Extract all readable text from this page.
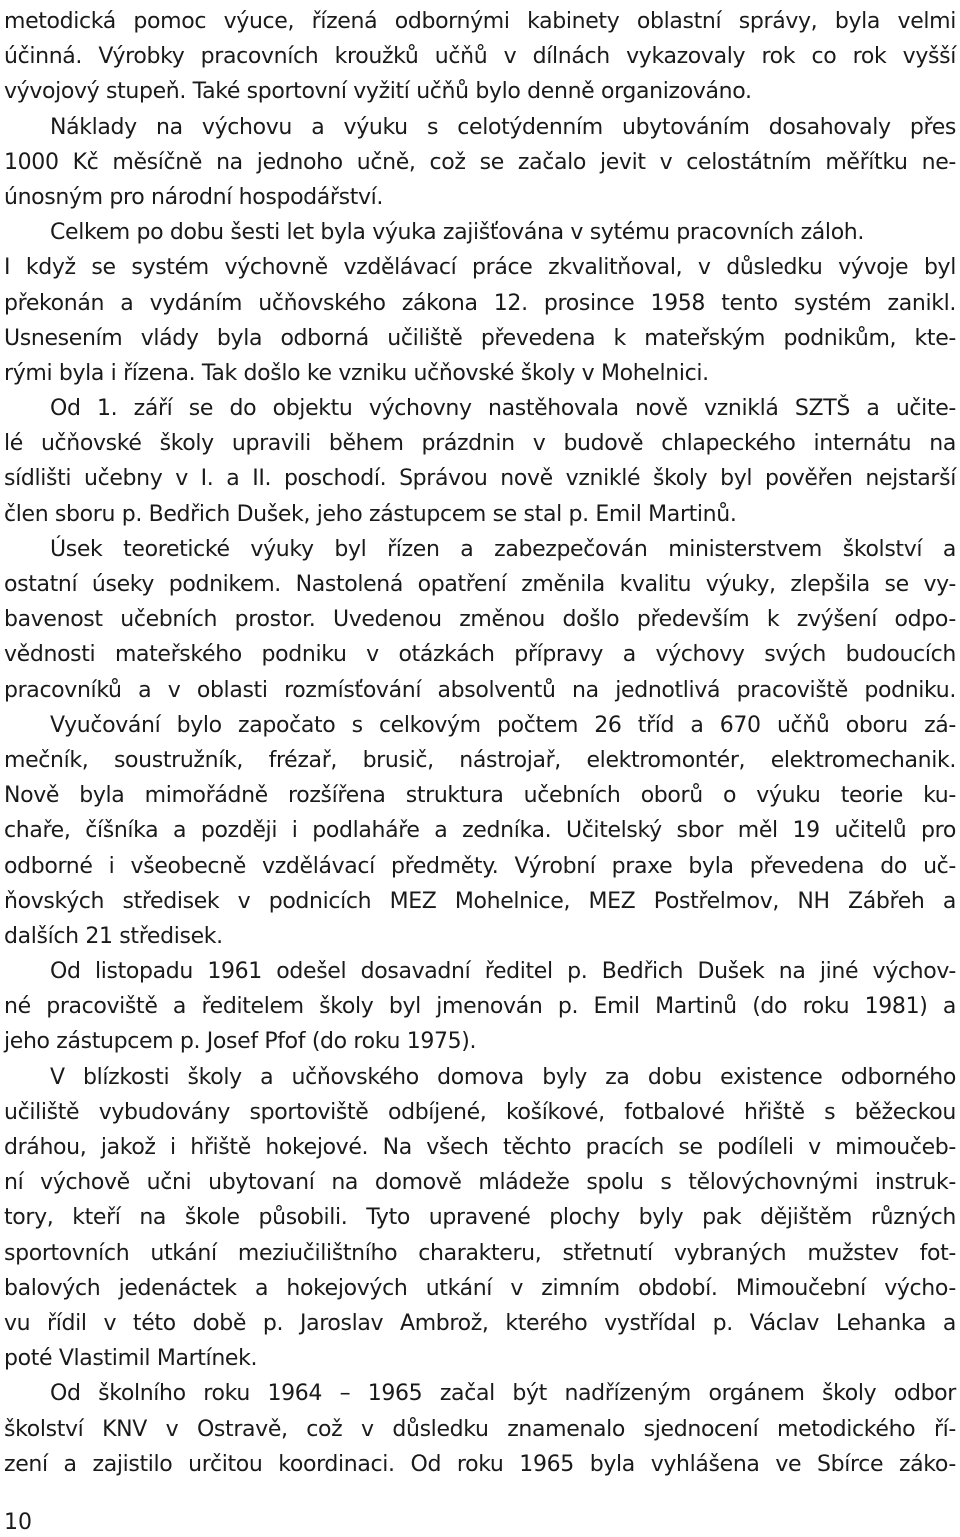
metodická pomoc výuce, řízená odbornými kabinety oblastní správy, byla velmi
účinná. Výrobky pracovních kroužků učňů v dílnách vykazovaly rok co rok vyšší
vývojový stupeň. Také sportovní vyžití učňů bylo denně organizováno.
Náklady na výchovu a výuku s celotýdenním ubytováním dosahovaly přes
1000 Kč měsíčně na jednoho učně, což se začalo jevit v celostátním měřítku ne-
únosným pro národní hospodářství.
Celkem po dobu šesti let byla výuka zajišťována v sytému pracovních záloh.
I když se systém výchovně vzdělávací práce zkvalitňoval, v důsledku vývoje byl
překonán a vydáním učňovského zákona 12. prosince 1958 tento systém zanikl.
Usnesením vlády byla odborná učiliště převedena k mateřským podnikům, kte-
rými byla i řízena. Tak došlo ke vzniku učňovské školy v Mohelnici.
Od 1. září se do objektu výchovny nastěhovala nově vzniklá SZTŠ a učite-
lé učňovské školy upravili během prázdnin v budově chlapeckého internátu na
sídlišti učebny v I. a II. poschodí. Správou nově vzniklé školy byl pověřen nejstarší
člen sboru p. Bedřich Dušek, jeho zástupcem se stal p. Emil Martinů.
Úsek teoretické výuky byl řízen a zabezpečován ministerstvem školství a
ostatní úseky podnikem. Nastolená opatření změnila kvalitu výuky, zlepšila se vy-
bavenost učebních prostor. Uvedenou změnou došlo především k zvýšení odpo-
vědnosti mateřského podniku v otázkách přípravy a výchovy svých budoucích
pracovníků a v oblasti rozmísťování absolventů na jednotlivá pracoviště podniku.
Vyučování bylo započato s celkovým počtem 26 tříd a 670 učňů oboru zá-
mečník, soustružník, frézař, brusič, nástrojař, elektromontér, elektromechanik.
Nově byla mimořádně rozšířena struktura učebních oborů o výuku teorie ku-
chaře, číšníka a později i podlaháře a zedníka. Učitelský sbor měl 19 učitelů pro
odborné i všeobecně vzdělávací předměty. Výrobní praxe byla převedena do uč-
ňovských středisek v podnicích MEZ Mohelnice, MEZ Postřelmov, NH Zábřeh a
dalších 21 středisek.
Od listopadu 1961 odešel dosavadní ředitel p. Bedřich Dušek na jiné výchov-
né pracoviště a ředitelem školy byl jmenován p. Emil Martinů (do roku 1981) a
jeho zástupcem p. Josef Pfof (do roku 1975).
V blízkosti školy a učňovského domova byly za dobu existence odborného
učiliště vybudovány sportoviště odbíjené, košíkové, fotbalové hřiště s běžeckou
dráhou, jakož i hřiště hokejové. Na všech těchto pracích se podíleli v mimoučeb-
ní výchově učni ubytovaní na domově mládeže spolu s tělovýchovnými instruk-
tory, kteří na škole působili. Tyto upravené plochy byly pak dějištěm různých
sportovních utkání meziučilištního charakteru, střetnutí vybraných mužstev fot-
balových jedenáctek a hokejových utkání v zimním období. Mimoučební výcho-
vu řídil v této době p. Jaroslav Ambrož, kterého vystřídal p. Václav Lehanka a
poté Vlastimil Martínek.
Od školního roku 1964 – 1965 začal být nadřízeným orgánem školy odbor
školství KNV v Ostravě, což v důsledku znamenalo sjednocení metodického ří-
zení a zajistilo určitou koordinaci. Od roku 1965 byla vyhlášena ve Sbírce záko-
10
